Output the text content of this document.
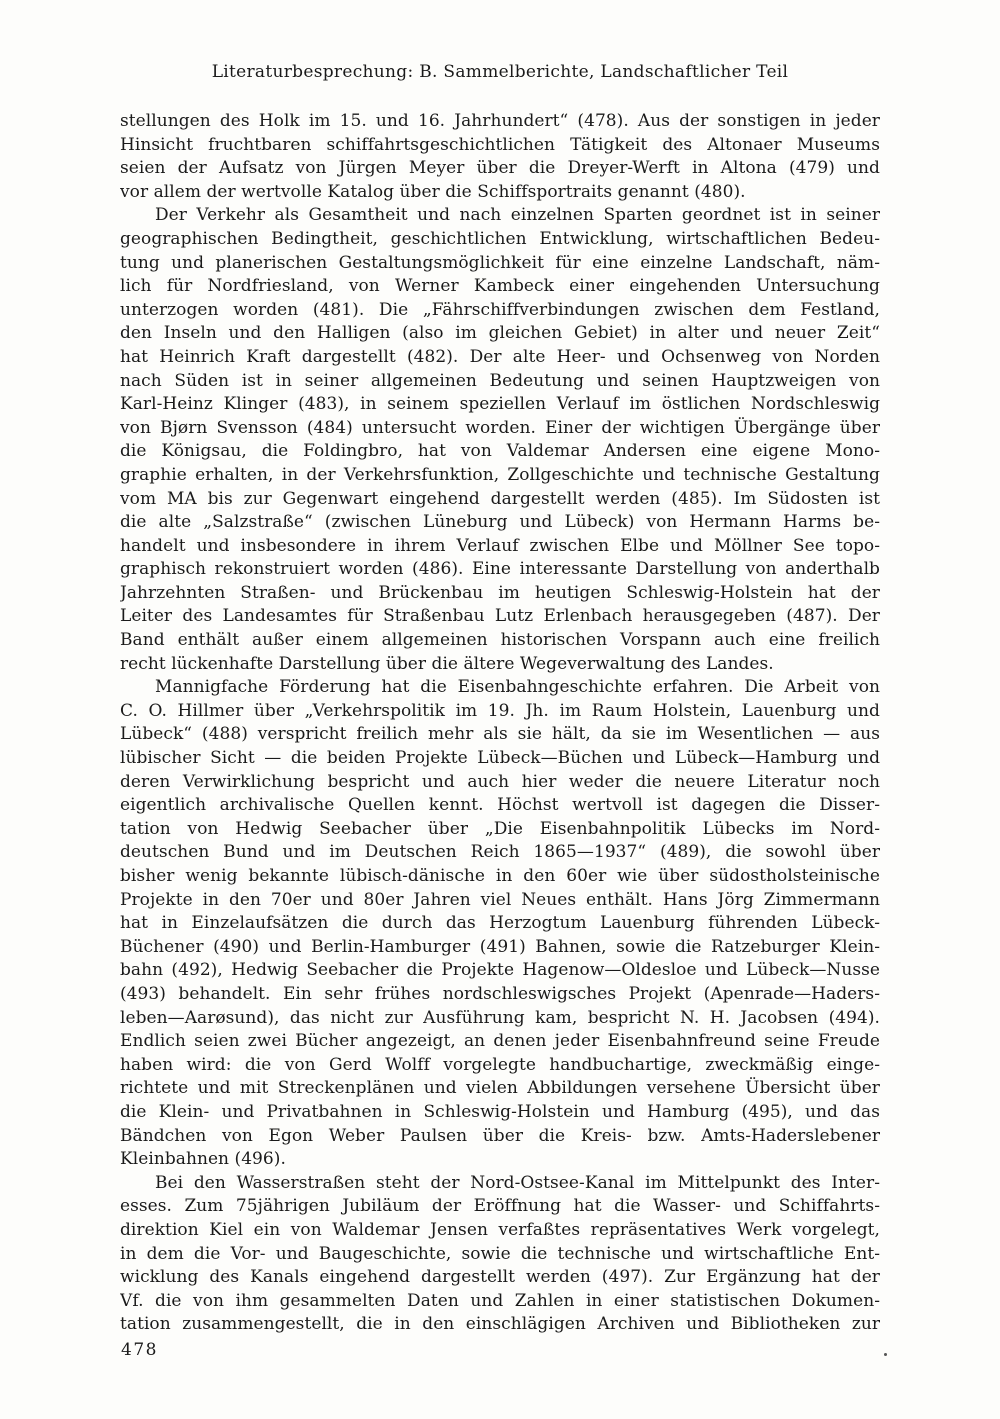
Literaturbesprechung: B. Sammelberichte, Landschaftlicher Teil
stellungen des Holk im 15. und 16. Jahrhundert“ (478). Aus der sonstigen in jeder
Hinsicht fruchtbaren schiffahrtsgeschichtlichen Tätigkeit des Altonaer Museums
seien der Aufsatz von Jürgen Meyer über die Dreyer-Werft in Altona (479) und
vor allem der wertvolle Katalog über die Schiffsportraits genannt (480).
Der Verkehr als Gesamtheit und nach einzelnen Sparten geordnet ist in seiner
geographischen Bedingtheit, geschichtlichen Entwicklung, wirtschaftlichen Bedeu-
tung und planerischen Gestaltungsmöglichkeit für eine einzelne Landschaft, näm-
lich für Nordfriesland, von Werner Kambeck einer eingehenden Untersuchung
unterzogen worden (481). Die „Fährschiffverbindungen zwischen dem Festland,
den Inseln und den Halligen (also im gleichen Gebiet) in alter und neuer Zeit“
hat Heinrich Kraft dargestellt (482). Der alte Heer- und Ochsenweg von Norden
nach Süden ist in seiner allgemeinen Bedeutung und seinen Hauptzweigen von
Karl-Heinz Klinger (483), in seinem speziellen Verlauf im östlichen Nordschleswig
von Bjørn Svensson (484) untersucht worden. Einer der wichtigen Übergänge über
die Königsau, die Foldingbro, hat von Valdemar Andersen eine eigene Mono-
graphie erhalten, in der Verkehrsfunktion, Zollgeschichte und technische Gestaltung
vom MA bis zur Gegenwart eingehend dargestellt werden (485). Im Südosten ist
die alte „Salzstraße“ (zwischen Lüneburg und Lübeck) von Hermann Harms be-
handelt und insbesondere in ihrem Verlauf zwischen Elbe und Möllner See topo-
graphisch rekonstruiert worden (486). Eine interessante Darstellung von anderthalb
Jahrzehnten Straßen- und Brückenbau im heutigen Schleswig-Holstein hat der
Leiter des Landesamtes für Straßenbau Lutz Erlenbach herausgegeben (487). Der
Band enthält außer einem allgemeinen historischen Vorspann auch eine freilich
recht lückenhafte Darstellung über die ältere Wegeverwaltung des Landes.
Mannigfache Förderung hat die Eisenbahngeschichte erfahren. Die Arbeit von
C. O. Hillmer über „Verkehrspolitik im 19. Jh. im Raum Holstein, Lauenburg und
Lübeck“ (488) verspricht freilich mehr als sie hält, da sie im Wesentlichen — aus
lübischer Sicht — die beiden Projekte Lübeck—Büchen und Lübeck—Hamburg und
deren Verwirklichung bespricht und auch hier weder die neuere Literatur noch
eigentlich archivalische Quellen kennt. Höchst wertvoll ist dagegen die Disser-
tation von Hedwig Seebacher über „Die Eisenbahnpolitik Lübecks im Nord-
deutschen Bund und im Deutschen Reich 1865—1937“ (489), die sowohl über
bisher wenig bekannte lübisch-dänische in den 60er wie über südostholsteinische
Projekte in den 70er und 80er Jahren viel Neues enthält. Hans Jörg Zimmermann
hat in Einzelaufsätzen die durch das Herzogtum Lauenburg führenden Lübeck-
Büchener (490) und Berlin-Hamburger (491) Bahnen, sowie die Ratzeburger Klein-
bahn (492), Hedwig Seebacher die Projekte Hagenow—Oldesloe und Lübeck—Nusse
(493) behandelt. Ein sehr frühes nordschleswigsches Projekt (Apenrade—Haders-
leben—Aarøsund), das nicht zur Ausführung kam, bespricht N. H. Jacobsen (494).
Endlich seien zwei Bücher angezeigt, an denen jeder Eisenbahnfreund seine Freude
haben wird: die von Gerd Wolff vorgelegte handbuchartige, zweckmäßig einge-
richtete und mit Streckenplänen und vielen Abbildungen versehene Übersicht über
die Klein- und Privatbahnen in Schleswig-Holstein und Hamburg (495), und das
Bändchen von Egon Weber Paulsen über die Kreis- bzw. Amts-Haderslebener
Kleinbahnen (496).
Bei den Wasserstraßen steht der Nord-Ostsee-Kanal im Mittelpunkt des Inter-
esses. Zum 75jährigen Jubiläum der Eröffnung hat die Wasser- und Schiffahrts-
direktion Kiel ein von Waldemar Jensen verfaßtes repräsentatives Werk vorgelegt,
in dem die Vor- und Baugeschichte, sowie die technische und wirtschaftliche Ent-
wicklung des Kanals eingehend dargestellt werden (497). Zur Ergänzung hat der
Vf. die von ihm gesammelten Daten und Zahlen in einer statistischen Dokumen-
tation zusammengestellt, die in den einschlägigen Archiven und Bibliotheken zur
478
